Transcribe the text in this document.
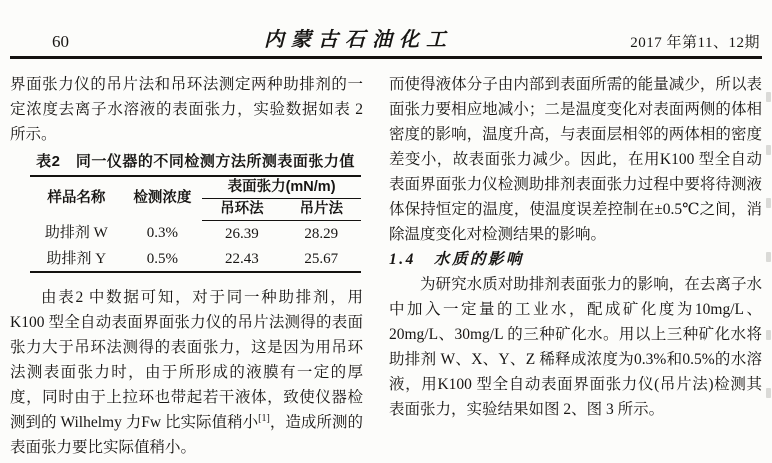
60	内蒙古石油化工	2017 年第11、12期

界面张力仪的吊片法和吊环法测定两种助排剂的一定浓度去离子水溶液的表面张力，实验数据如表 2 所示。

表2　同一仪器的不同检测方法所测表面张力值
样品名称	检测浓度	表面张力(mN/m)	
		吊环法	吊片法
助排剂 W	0.3%	26.39	28.29
助排剂 Y	0.5%	22.43	25.67

由表2 中数据可知，对于同一种助排剂，用K100 型全自动表面界面张力仪的吊片法测得的表面张力大于吊环法测得的表面张力，这是因为用吊环法测表面张力时，由于所形成的液膜有一定的厚度，同时由于上拉环也带起若干液体，致使仪器检测到的 Wilhelmy 力Fw 比实际值稍小[1]，造成所测的表面张力要比实际值稍小。

而使得液体分子由内部到表面所需的能量减少，所以表面张力要相应地减小；二是温度变化对表面两侧的体相密度的影响，温度升高，与表面层相邻的两体相的密度差变小，故表面张力减少。因此，在用K100 型全自动表面界面张力仪检测助排剂表面张力过程中要将待测液体保持恒定的温度，使温度误差控制在±0.5℃之间，消除温度变化对检测结果的影响。

1.4　水质的影响

为研究水质对助排剂表面张力的影响，在去离子水中加入一定量的工业水，配成矿化度为10mg/L、20mg/L、30mg/L 的三种矿化水。用以上三种矿化水将助排剂 W、X、Y、Z 稀释成浓度为0.3%和0.5%的水溶液，用K100 型全自动表面界面张力仪(吊片法)检测其表面张力，实验结果如图 2、图 3 所示。
